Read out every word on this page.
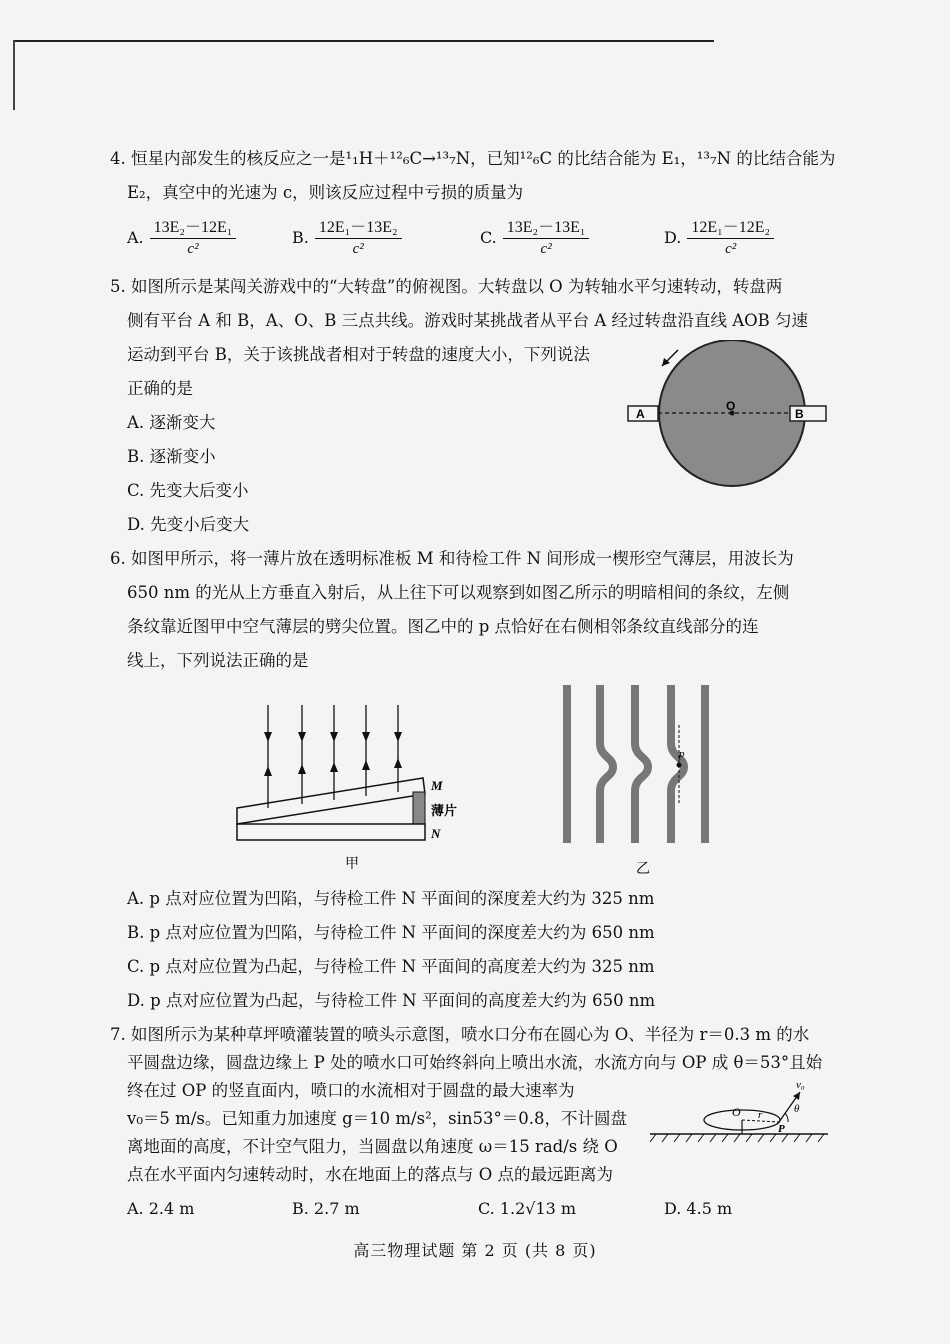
4. 恒星内部发生的核反应之一是¹₁H＋¹²₆C→¹³₇N，已知¹²₆C 的比结合能为 E₁，¹³₇N 的比结合能为
E₂，真空中的光速为 c，则该反应过程中亏损的质量为
A. $\frac{\text{13E₂－12E₁}}{\text{c²}}$	B. $\frac{\text{12E₁－13E₂}}{\text{c²}}$	C. $\frac{\text{13E₂－13E₁}}{\text{c²}}$	D. $\frac{\text{12E₁－12E₂}}{\text{c²}}$
5. 如图所示是某闯关游戏中的“大转盘”的俯视图。大转盘以 O 为转轴水平匀速转动，转盘两
侧有平台 A 和 B，A、O、B 三点共线。游戏时某挑战者从平台 A 经过转盘沿直线 AOB 匀速
运动到平台 B，关于该挑战者相对于转盘的速度大小，下列说法
正确的是
A. 逐渐变大
B. 逐渐变小
C. 先变大后变小
D. 先变小后变大
A
O
B
6. 如图甲所示，将一薄片放在透明标准板 M 和待检工件 N 间形成一楔形空气薄层，用波长为
650 nm 的光从上方垂直入射后，从上往下可以观察到如图乙所示的明暗相间的条纹，左侧
条纹靠近图甲中空气薄层的劈尖位置。图乙中的 p 点恰好在右侧相邻条纹直线部分的连
线上，下列说法正确的是
M
薄片
N
甲
p
乙
A. p 点对应位置为凹陷，与待检工件 N 平面间的深度差大约为 325 nm
B. p 点对应位置为凹陷，与待检工件 N 平面间的深度差大约为 650 nm
C. p 点对应位置为凸起，与待检工件 N 平面间的高度差大约为 325 nm
D. p 点对应位置为凸起，与待检工件 N 平面间的高度差大约为 650 nm
7. 如图所示为某种草坪喷灌装置的喷头示意图，喷水口分布在圆心为 O、半径为 r＝0.3 m 的水
平圆盘边缘，圆盘边缘上 P 处的喷水口可始终斜向上喷出水流，水流方向与 OP 成 θ＝53°且始
终在过 OP 的竖直面内，喷口的水流相对于圆盘的最大速率为
v₀＝5 m/s。已知重力加速度 g＝10 m/s²，sin53°＝0.8，不计圆盘
离地面的高度，不计空气阻力，当圆盘以角速度 ω＝15 rad/s 绕 O
点在水平面内匀速转动时，水在地面上的落点与 O 点的最远距离为
O r
P
v₀
θ
A. 2.4 m	B. 2.7 m	C. 1.2√13 m	D. 4.5 m
高三物理试题 第 2 页 (共 8 页)
